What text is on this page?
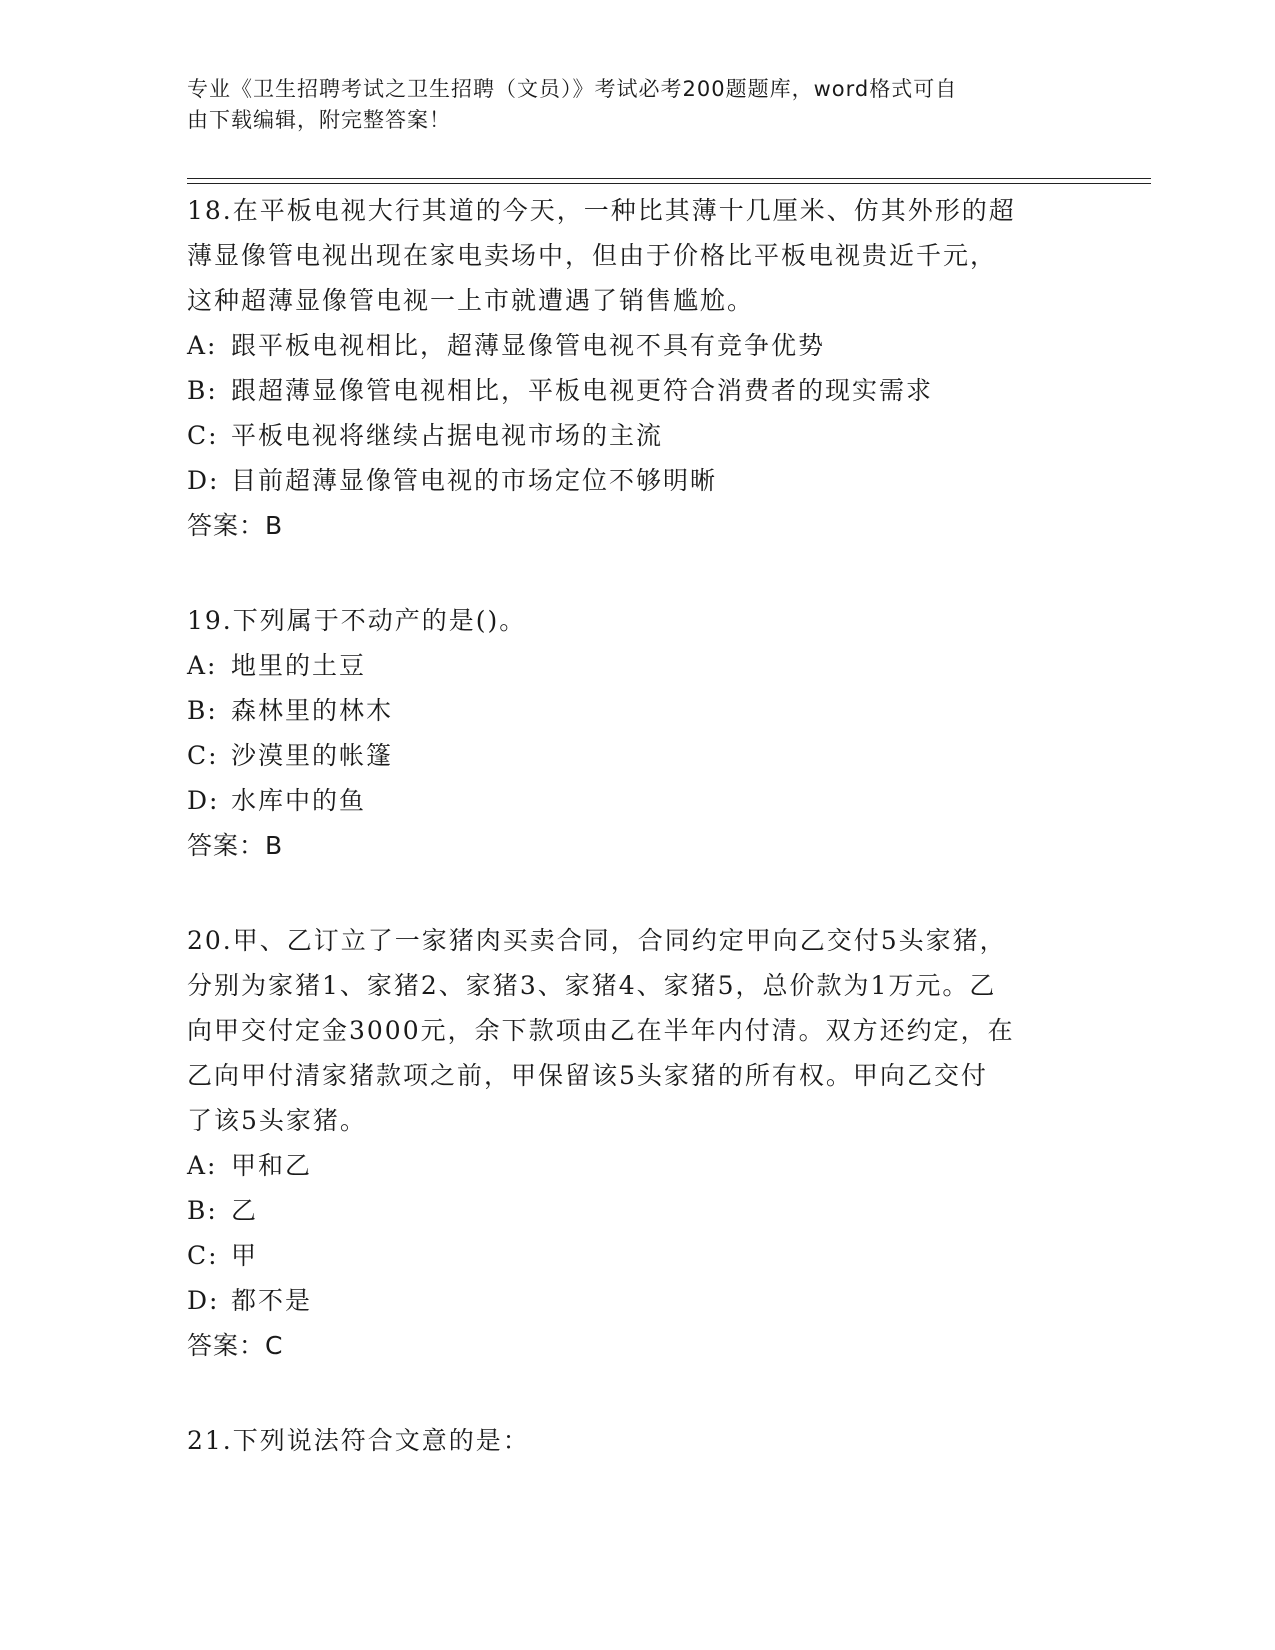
专业《卫生招聘考试之卫生招聘（文员）》考试必考200题题库，word格式可自
由下载编辑，附完整答案！
18.在平板电视大行其道的今天，一种比其薄十几厘米、仿其外形的超
薄显像管电视出现在家电卖场中，但由于价格比平板电视贵近千元，
这种超薄显像管电视一上市就遭遇了销售尴尬。
A: 跟平板电视相比，超薄显像管电视不具有竞争优势
B: 跟超薄显像管电视相比，平板电视更符合消费者的现实需求
C: 平板电视将继续占据电视市场的主流
D: 目前超薄显像管电视的市场定位不够明晰
答案：B
19.下列属于不动产的是()。
A: 地里的土豆
B: 森林里的林木
C: 沙漠里的帐篷
D: 水库中的鱼
答案：B
20.甲、乙订立了一家猪肉买卖合同，合同约定甲向乙交付5头家猪，
分别为家猪1、家猪2、家猪3、家猪4、家猪5，总价款为1万元。乙
向甲交付定金3000元，余下款项由乙在半年内付清。双方还约定，在
乙向甲付清家猪款项之前，甲保留该5头家猪的所有权。甲向乙交付
了该5头家猪。
A: 甲和乙
B: 乙
C: 甲
D: 都不是
答案：C
21.下列说法符合文意的是：
